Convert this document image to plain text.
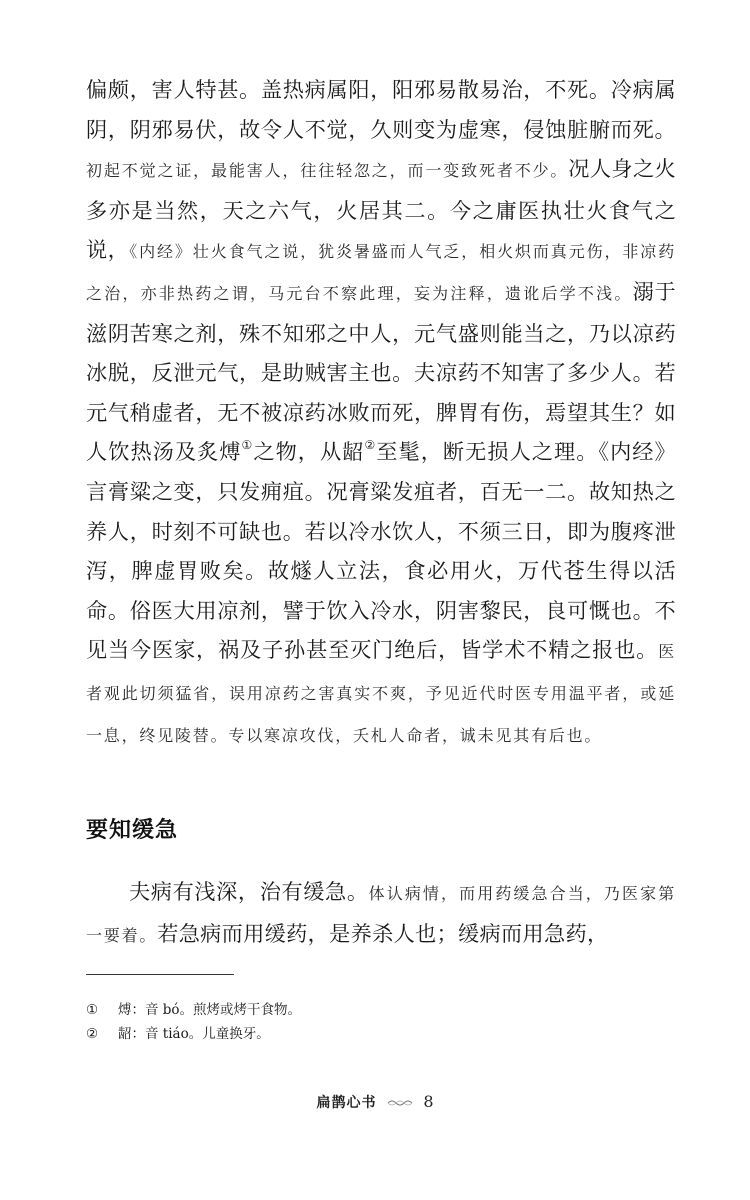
偏颇，害人特甚。盖热病属阳，阳邪易散易治，不死。冷病属阴，阴邪易伏，故令人不觉，久则变为虚寒，侵蚀脏腑而死。初起不觉之证，最能害人，往往轻忽之，而一变致死者不少。况人身之火多亦是当然，天之六气，火居其二。今之庸医执壮火食气之说，《内经》壮火食气之说，犹炎暑盛而人气乏，相火炽而真元伤，非凉药之治，亦非热药之谓，马元台不察此理，妄为注释，遗讹后学不浅。溺于滋阴苦寒之剂，殊不知邪之中人，元气盛则能当之，乃以凉药冰脱，反泄元气，是助贼害主也。夫凉药不知害了多少人。若元气稍虚者，无不被凉药冰败而死，脾胃有伤，焉望其生？如人饮热汤及炙煿①之物，从龆②至髦，断无损人之理。《内经》言膏粱之变，只发痈疽。况膏粱发疽者，百无一二。故知热之养人，时刻不可缺也。若以冷水饮人，不须三日，即为腹疼泄泻，脾虚胃败矣。故燧人立法，食必用火，万代苍生得以活命。俗医大用凉剂，譬于饮入冷水，阴害黎民，良可慨也。不见当今医家，祸及子孙甚至灭门绝后，皆学术不精之报也。医者观此切须猛省，误用凉药之害真实不爽，予见近代时医专用温平者，或延一息，终见陵替。专以寒凉攻伐，夭札人命者，诚未见其有后也。

要知缓急

夫病有浅深，治有缓急。体认病情，而用药缓急合当，乃医家第一要着。若急病而用缓药，是养杀人也；缓病而用急药，

①	煿：音 bó。煎烤或烤干食物。
②	龆：音 tiáo。儿童换牙。
扁鹊心书	8
